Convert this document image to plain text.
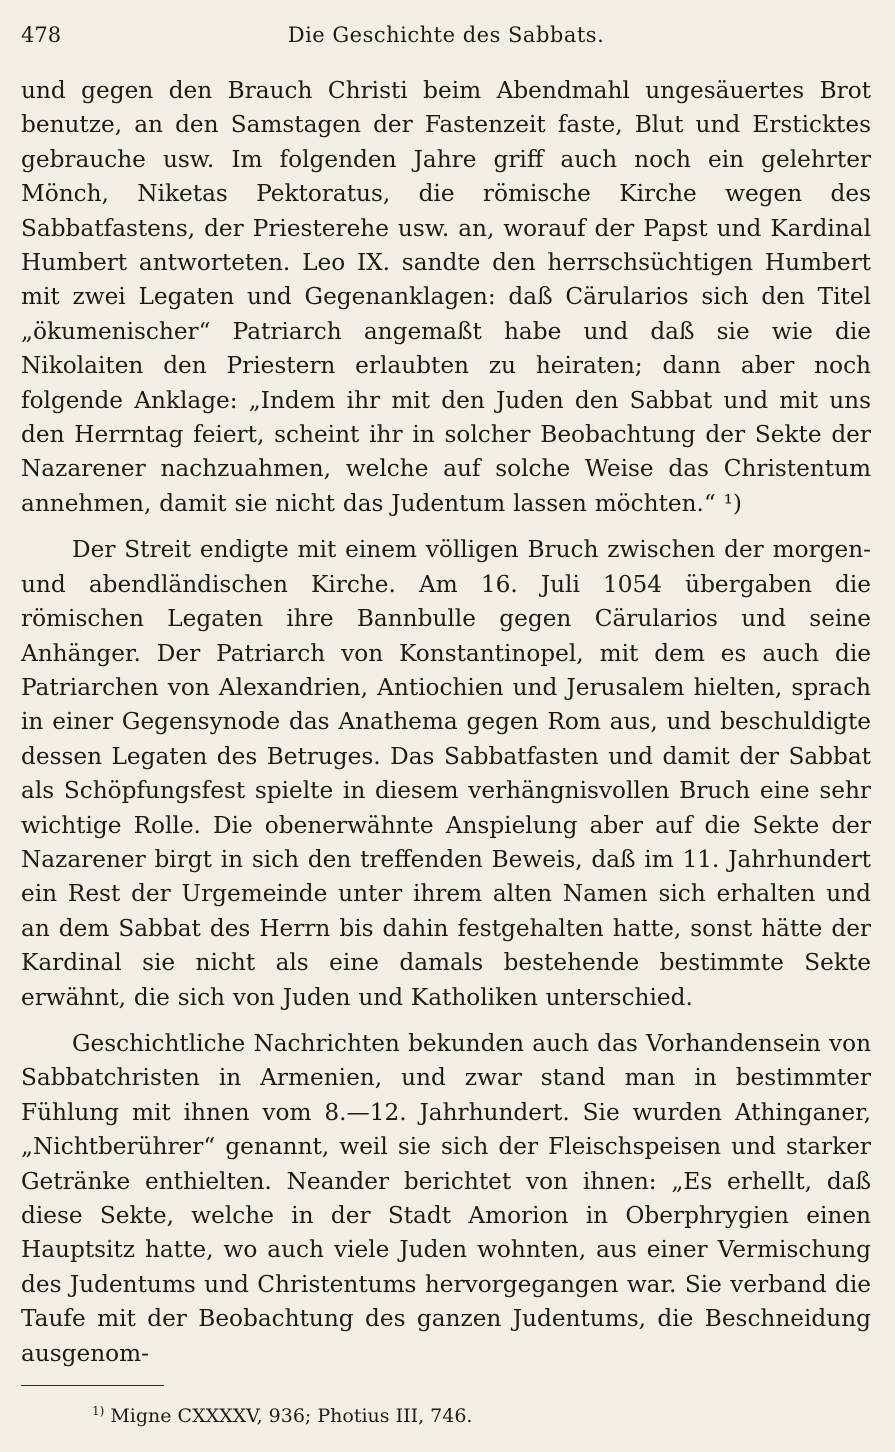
478	Die Geschichte des Sabbats.

und gegen den Brauch Christi beim Abendmahl ungesäuertes Brot benutze, an den Samstagen der Fastenzeit faste, Blut und Ersticktes gebrauche usw. Im folgenden Jahre griff auch noch ein gelehrter Mönch, Niketas Pektoratus, die römische Kirche wegen des Sabbatfastens, der Priesterehe usw. an, worauf der Papst und Kardinal Humbert antworteten. Leo IX. sandte den herrschsüchtigen Humbert mit zwei Legaten und Gegenanklagen: daß Cärularios sich den Titel „ökumenischer“ Patriarch angemaßt habe und daß sie wie die Nikolaiten den Priestern erlaubten zu heiraten; dann aber noch folgende Anklage: „Indem ihr mit den Juden den Sabbat und mit uns den Herrntag feiert, scheint ihr in solcher Beobachtung der Sekte der Nazarener nachzuahmen, welche auf solche Weise das Christentum annehmen, damit sie nicht das Judentum lassen möchten.“ ¹)

Der Streit endigte mit einem völligen Bruch zwischen der morgen- und abendländischen Kirche. Am 16. Juli 1054 übergaben die römischen Legaten ihre Bannbulle gegen Cärularios und seine Anhänger. Der Patriarch von Konstantinopel, mit dem es auch die Patriarchen von Alexandrien, Antiochien und Jerusalem hielten, sprach in einer Gegensynode das Anathema gegen Rom aus, und beschuldigte dessen Legaten des Betruges. Das Sabbatfasten und damit der Sabbat als Schöpfungsfest spielte in diesem verhängnisvollen Bruch eine sehr wichtige Rolle. Die obenerwähnte Anspielung aber auf die Sekte der Nazarener birgt in sich den treffenden Beweis, daß im 11. Jahrhundert ein Rest der Urgemeinde unter ihrem alten Namen sich erhalten und an dem Sabbat des Herrn bis dahin festgehalten hatte, sonst hätte der Kardinal sie nicht als eine damals bestehende bestimmte Sekte erwähnt, die sich von Juden und Katholiken unterschied.

Geschichtliche Nachrichten bekunden auch das Vorhandensein von Sabbatchristen in Armenien, und zwar stand man in bestimmter Fühlung mit ihnen vom 8.—12. Jahrhundert. Sie wurden Athinganer, „Nichtberührer“ genannt, weil sie sich der Fleischspeisen und starker Getränke enthielten. Neander berichtet von ihnen: „Es erhellt, daß diese Sekte, welche in der Stadt Amorion in Oberphrygien einen Hauptsitz hatte, wo auch viele Juden wohnten, aus einer Vermischung des Judentums und Christentums hervorgegangen war. Sie verband die Taufe mit der Beobachtung des ganzen Judentums, die Beschneidung ausgenom-

$^{1)}$ Migne CXXXXV, 936; Photius III, 746.
